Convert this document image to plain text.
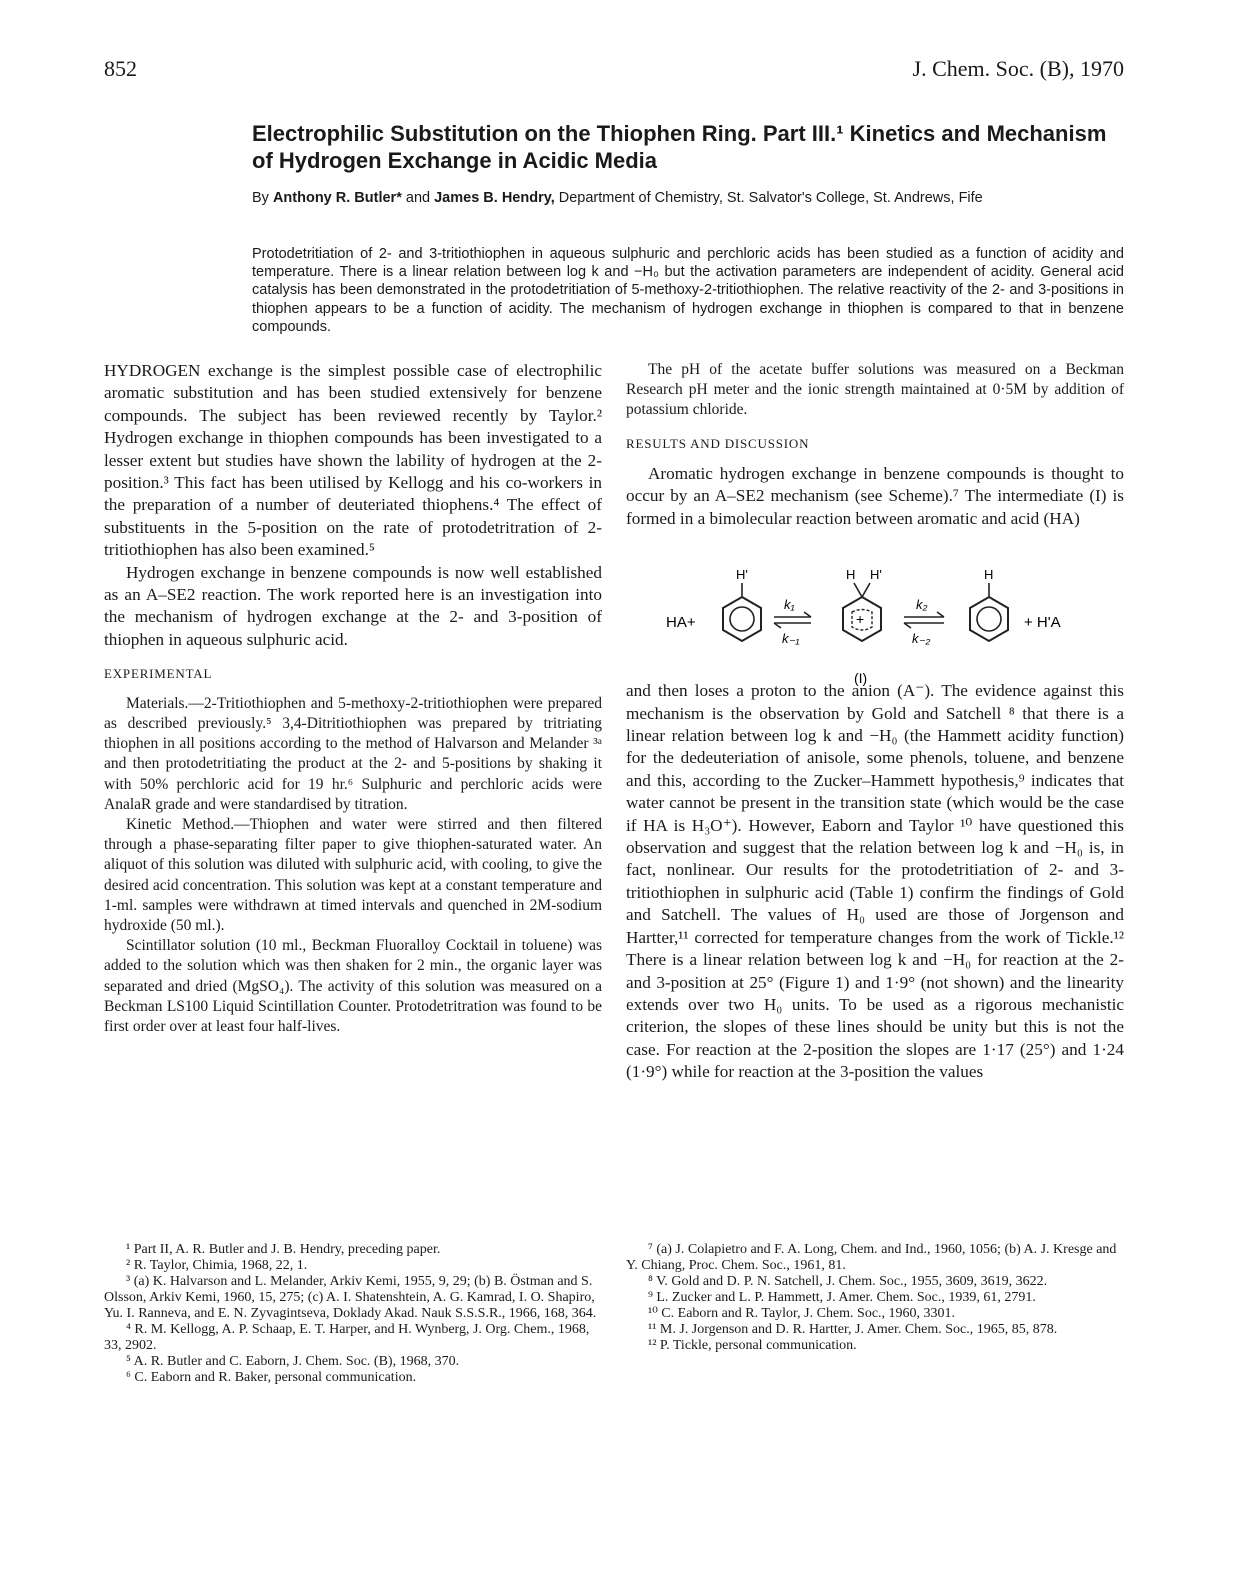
852	J. Chem. Soc. (B), 1970
Electrophilic Substitution on the Thiophen Ring. Part III.¹ Kinetics and Mechanism of Hydrogen Exchange in Acidic Media
By Anthony R. Butler* and James B. Hendry, Department of Chemistry, St. Salvator's College, St. Andrews, Fife
Protodetritiation of 2- and 3-tritiothiophen in aqueous sulphuric and perchloric acids has been studied as a function of acidity and temperature. There is a linear relation between log k and −H₀ but the activation parameters are independent of acidity. General acid catalysis has been demonstrated in the protodetritiation of 5-methoxy-2-tritiothiophen. The relative reactivity of the 2- and 3-positions in thiophen appears to be a function of acidity. The mechanism of hydrogen exchange in thiophen is compared to that in benzene compounds.

HYDROGEN exchange is the simplest possible case of electrophilic aromatic substitution and has been studied extensively for benzene compounds. The subject has been reviewed recently by Taylor.² Hydrogen exchange in thiophen compounds has been investigated to a lesser extent but studies have shown the lability of hydrogen at the 2-position.³ This fact has been utilised by Kellogg and his co-workers in the preparation of a number of deuteriated thiophens.⁴ The effect of substituents in the 5-position on the rate of protodetritration of 2-tritiothiophen has also been examined.⁵

Hydrogen exchange in benzene compounds is now well established as an A–SE2 reaction. The work reported here is an investigation into the mechanism of hydrogen exchange at the 2- and 3-position of thiophen in aqueous sulphuric acid.

EXPERIMENTAL

Materials.—2-Tritiothiophen and 5-methoxy-2-tritiothiophen were prepared as described previously.⁵ 3,4-Ditritiothiophen was prepared by tritriating thiophen in all positions according to the method of Halvarson and Melander ³ᵃ and then protodetritiating the product at the 2- and 5-positions by shaking it with 50% perchloric acid for 19 hr.⁶ Sulphuric and perchloric acids were AnalaR grade and were standardised by titration.

Kinetic Method.—Thiophen and water were stirred and then filtered through a phase-separating filter paper to give thiophen-saturated water. An aliquot of this solution was diluted with sulphuric acid, with cooling, to give the desired acid concentration. This solution was kept at a constant temperature and 1-ml. samples were withdrawn at timed intervals and quenched in 2M-sodium hydroxide (50 ml.).

Scintillator solution (10 ml., Beckman Fluoralloy Cocktail in toluene) was added to the solution which was then shaken for 2 min., the organic layer was separated and dried (MgSO₄). The activity of this solution was measured on a Beckman LS100 Liquid Scintillation Counter. Protodetritration was found to be first order over at least four half-lives.

The pH of the acetate buffer solutions was measured on a Beckman Research pH meter and the ionic strength maintained at 0·5M by addition of potassium chloride.

RESULTS AND DISCUSSION

Aromatic hydrogen exchange in benzene compounds is thought to occur by an A–SE2 mechanism (see Scheme).⁷ The intermediate (I) is formed in a bimolecular reaction between aromatic and acid (HA)

and then loses a proton to the anion (A⁻). The evidence against this mechanism is the observation by Gold and Satchell ⁸ that there is a linear relation between log k and −H₀ (the Hammett acidity function) for the dedeuteriation of anisole, some phenols, toluene, and benzene and this, according to the Zucker–Hammett hypothesis,⁹ indicates that water cannot be present in the transition state (which would be the case if HA is H₃O⁺). However, Eaborn and Taylor ¹⁰ have questioned this observation and suggest that the relation between log k and −H₀ is, in fact, nonlinear. Our results for the protodetritiation of 2- and 3-tritiothiophen in sulphuric acid (Table 1) confirm the findings of Gold and Satchell. The values of H₀ used are those of Jorgenson and Hartter,¹¹ corrected for temperature changes from the work of Tickle.¹² There is a linear relation between log k and −H₀ for reaction at the 2- and 3-position at 25° (Figure 1) and 1·9° (not shown) and the linearity extends over two H₀ units. To be used as a rigorous mechanistic criterion, the slopes of these lines should be unity but this is not the case. For reaction at the 2-position the slopes are 1·17 (25°) and 1·24 (1·9°) while for reaction at the 3-position the values

HA+
H'
k₁
k₋₁
+
H H'
k₂
k₋₂
H
+ H'A
(I)
¹ Part II, A. R. Butler and J. B. Hendry, preceding paper.
² R. Taylor, Chimia, 1968, 22, 1.
³ (a) K. Halvarson and L. Melander, Arkiv Kemi, 1955, 9, 29; (b) B. Östman and S. Olsson, Arkiv Kemi, 1960, 15, 275; (c) A. I. Shatenshtein, A. G. Kamrad, I. O. Shapiro, Yu. I. Ranneva, and E. N. Zyvagintseva, Doklady Akad. Nauk S.S.S.R., 1966, 168, 364.
⁴ R. M. Kellogg, A. P. Schaap, E. T. Harper, and H. Wynberg, J. Org. Chem., 1968, 33, 2902.
⁵ A. R. Butler and C. Eaborn, J. Chem. Soc. (B), 1968, 370.
⁶ C. Eaborn and R. Baker, personal communication.
⁷ (a) J. Colapietro and F. A. Long, Chem. and Ind., 1960, 1056; (b) A. J. Kresge and Y. Chiang, Proc. Chem. Soc., 1961, 81.
⁸ V. Gold and D. P. N. Satchell, J. Chem. Soc., 1955, 3609, 3619, 3622.
⁹ L. Zucker and L. P. Hammett, J. Amer. Chem. Soc., 1939, 61, 2791.
¹⁰ C. Eaborn and R. Taylor, J. Chem. Soc., 1960, 3301.
¹¹ M. J. Jorgenson and D. R. Hartter, J. Amer. Chem. Soc., 1965, 85, 878.
¹² P. Tickle, personal communication.
